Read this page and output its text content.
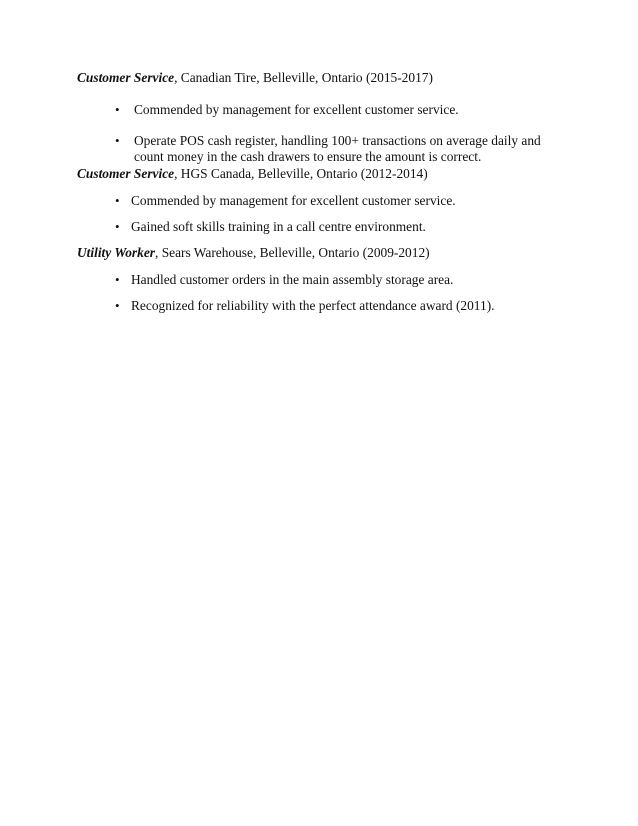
Customer Service, Canadian Tire, Belleville, Ontario (2015-2017)
• Commended by management for excellent customer service.
• Operate POS cash register, handling 100+ transactions on average daily and count money in the cash drawers to ensure the amount is correct.
Customer Service, HGS Canada, Belleville, Ontario (2012-2014)
• Commended by management for excellent customer service.
• Gained soft skills training in a call centre environment.
Utility Worker, Sears Warehouse, Belleville, Ontario (2009-2012)
• Handled customer orders in the main assembly storage area.
• Recognized for reliability with the perfect attendance award (2011).
